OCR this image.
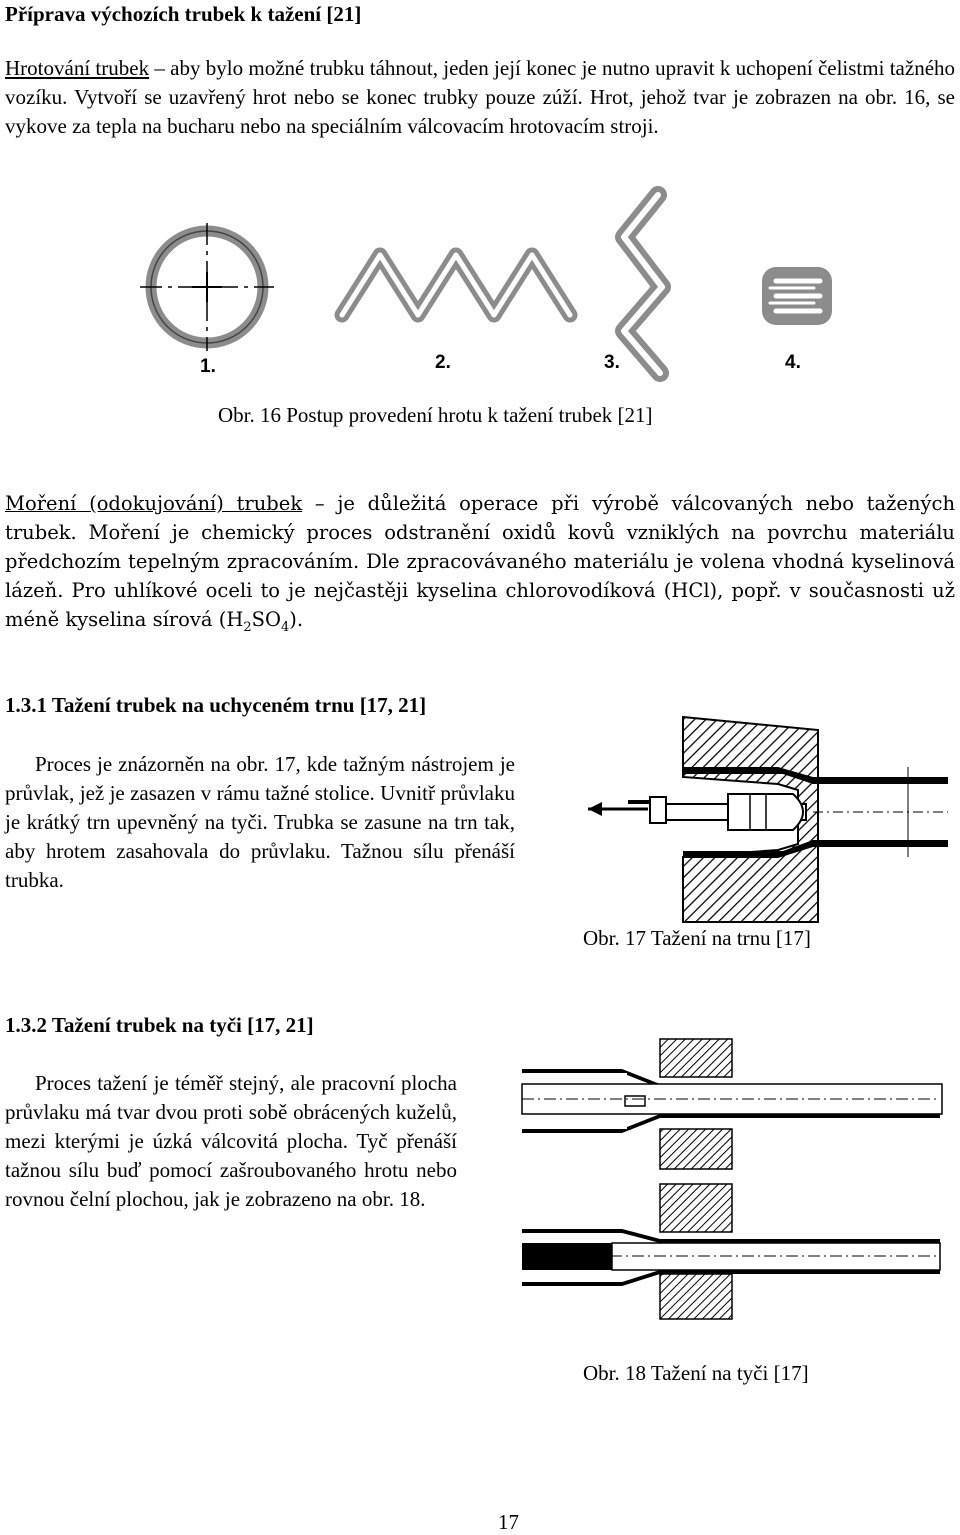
Příprava výchozích trubek k tažení [21]
Hrotování trubek – aby bylo možné trubku táhnout, jeden její konec je nutno upravit k uchopení čelistmi tažného vozíku. Vytvoří se uzavřený hrot nebo se konec trubky pouze zúží. Hrot, jehož tvar je zobrazen na obr. 16, se vykove za tepla na bucharu nebo na speciálním válcovacím hrotovacím stroji.
1.	2.	3.	4.
Obr. 16 Postup provedení hrotu k tažení trubek [21]
Moření (odokujování) trubek – je důležitá operace při výrobě válcovaných nebo tažených trubek. Moření je chemický proces odstranění oxidů kovů vzniklých na povrchu materiálu předchozím tepelným zpracováním. Dle zpracovávaného materiálu je volena vhodná kyselinová lázeň. Pro uhlíkové oceli to je nejčastěji kyselina chlorovodíková (HCl), popř. v současnosti už méně kyselina sírová $(H_2SO_4)$.
1.3.1 Tažení trubek na uchyceném trnu [17, 21]
Proces je znázorněn na obr. 17, kde tažným nástrojem je průvlak, jež je zasazen v rámu tažné stolice. Uvnitř průvlaku je krátký trn upevněný na tyči. Trubka se zasune na trn tak, aby hrotem zasahovala do průvlaku. Tažnou sílu přenáší trubka.
Obr. 17 Tažení na trnu [17]
1.3.2 Tažení trubek na tyči [17, 21]
Proces tažení je téměř stejný, ale pracovní plocha průvlaku má tvar dvou proti sobě obrácených kuželů, mezi kterými je úzká válcovitá plocha. Tyč přenáší tažnou sílu buď pomocí zašroubovaného hrotu nebo rovnou čelní plochou, jak je zobrazeno na obr. 18.
Obr. 18 Tažení na tyči [17]
17
